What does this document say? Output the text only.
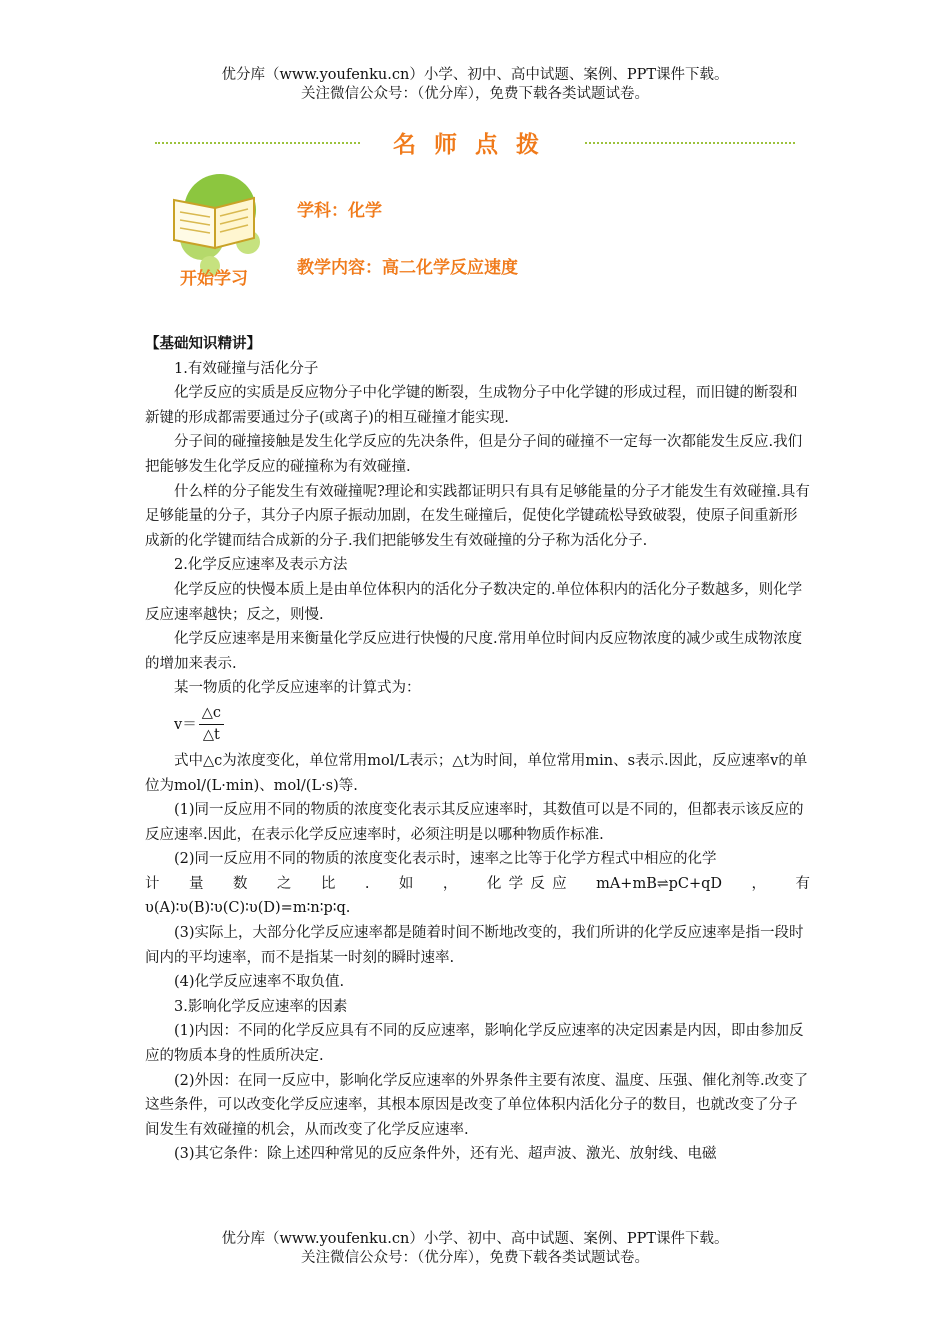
优分库（www.youfenku.cn）小学、初中、高中试题、案例、PPT课件下载。
关注微信公众号：（优分库），免费下载各类试题试卷。
名师点拨
开始学习
学科：化学
教学内容：高二化学反应速度

【基础知识精讲】

1.有效碰撞与活化分子

化学反应的实质是反应物分子中化学键的断裂，生成物分子中化学键的形成过程，而旧键的断裂和新键的形成都需要通过分子(或离子)的相互碰撞才能实现.

分子间的碰撞接触是发生化学反应的先决条件，但是分子间的碰撞不一定每一次都能发生反应.我们把能够发生化学反应的碰撞称为有效碰撞.

什么样的分子能发生有效碰撞呢?理论和实践都证明只有具有足够能量的分子才能发生有效碰撞.具有足够能量的分子，其分子内原子振动加剧，在发生碰撞后，促使化学键疏松导致破裂，使原子间重新形成新的化学键而结合成新的分子.我们把能够发生有效碰撞的分子称为活化分子.

2.化学反应速率及表示方法

化学反应的快慢本质上是由单位体积内的活化分子数决定的.单位体积内的活化分子数越多，则化学反应速率越快；反之，则慢.

化学反应速率是用来衡量化学反应进行快慢的尺度.常用单位时间内反应物浓度的减少或生成物浓度的增加来表示.

某一物质的化学反应速率的计算式为：

$v= \frac{\triangle c}{\triangle t}$

式中△c为浓度变化，单位常用mol/L表示；△t为时间，单位常用min、s表示.因此，反应速率v的单位为mol/(L·min)、mol/(L·s)等.

(1)同一反应用不同的物质的浓度变化表示其反应速率时，其数值可以是不同的，但都表示该反应的反应速率.因此，在表示化学反应速率时，必须注明是以哪种物质作标准.

(2)同一反应用不同的物质的浓度变化表示时，速率之比等于化学方程式中相应的化学

计 量 数 之 比 . 如 ， 化  学  反  应 mA+mB⇌pC+qD ， 有

υ(A)∶υ(B)∶υ(C)∶υ(D)=m∶n∶p∶q.

(3)实际上，大部分化学反应速率都是随着时间不断地改变的，我们所讲的化学反应速率是指一段时间内的平均速率，而不是指某一时刻的瞬时速率.

(4)化学反应速率不取负值.

3.影响化学反应速率的因素

(1)内因：不同的化学反应具有不同的反应速率，影响化学反应速率的决定因素是内因，即由参加反应的物质本身的性质所决定.

(2)外因：在同一反应中，影响化学反应速率的外界条件主要有浓度、温度、压强、催化剂等.改变了这些条件，可以改变化学反应速率，其根本原因是改变了单位体积内活化分子的数目，也就改变了分子间发生有效碰撞的机会，从而改变了化学反应速率.

(3)其它条件：除上述四种常见的反应条件外，还有光、超声波、激光、放射线、电磁

优分库（www.youfenku.cn）小学、初中、高中试题、案例、PPT课件下载。
关注微信公众号：（优分库），免费下载各类试题试卷。
